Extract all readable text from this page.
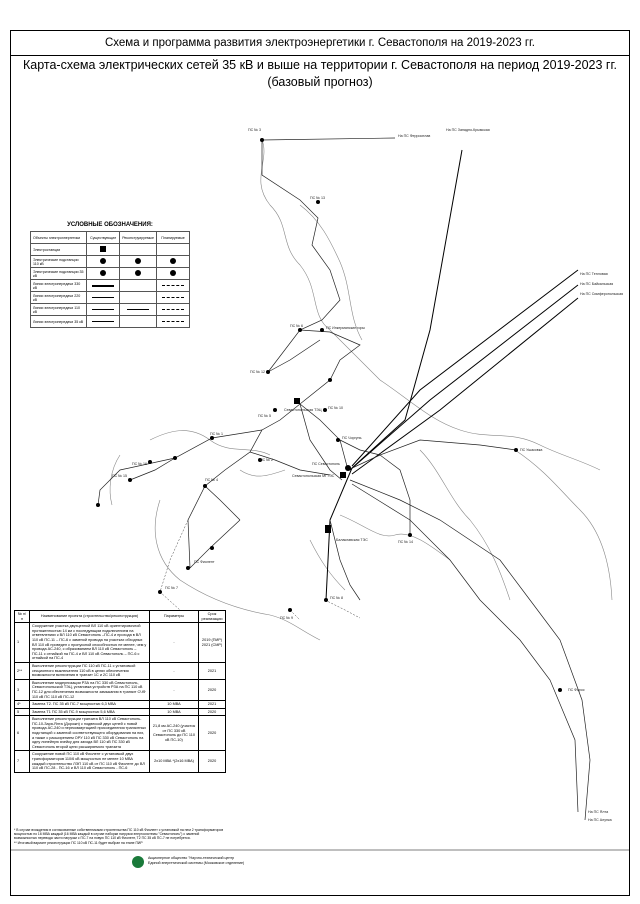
Схема и программа развития электроэнергетики г. Севастополя на 2019-2023 гг.
Карта-схема электрических сетей 35 кВ и выше на территории г. Севастополя на период 2019-2023 гг.
(базовый прогноз)
ПС № 3
На ПС Ферросплав
На ПС Западно-Крымская
ПС № 13
На ПС Тепловая
На ПС Байкальская
На ПС Симферопольская
ПС № 6	ПС Инкерманские горы
ПС № 12
Севастопольская ТЭЦ ПС № 10
ПС № 5
ПС № 2
ПС Севастополь
ПС Чоргунь
Севастопольская МГТЭС
Балаклавская ТЭС
ПС № 4
ПС Фиолент
ПС № 7
ПС № 16
ПС № 15
ПС № 1
ПС № 9
ПС № 8
ПС Форос
На ПС Ялта
На ПС Алупка
ПС № 14
ПС Ушаковка
УСЛОВНЫЕ ОБОЗНАЧЕНИЯ:
Объекты электроэнергетики	Существующие	Реконструируемые	Планируемые
Электростанции			
Электрические подстанции 110 кВ			
Электрические подстанции 35 кВ			
Линии электропередачи 330 кВ			
Линии электропередачи 220 кВ			
Линии электропередачи 110 кВ			
Линии электропередачи 35 кВ			
№ п/п	Наименование проекта (строительство/реконструкция)	Параметры	Срок реализации
1	Сооружение участка двухцепной ВЛ 110 кВ ориентировочной протяженностью 14 км с последующим подключением на ответвлениях к ВЛ 110 кВ Севастополь –ПС-4 и прохода в ВЛ 110 кВ ПС-11 – ПС-6 с заменой провода на участках обходных ВЛ 110 кВ проведен с пропускной способностью не менее, чем у провода АС-240, с образованием ВЛ 110 кВ Севастополь – ПС-11 с отпайкой на ПС-4 и ВЛ 110 кВ Севастополь – ПС-6 с отпайкой на ПС-4	-	2019 (ПИР) 2021 (СМР)
2**	Выполнение реконструкции ПС 110 кВ ПС-11 с установкой секционного выключателя 110 кВ в целях обеспечения возможности включения в транзит 1С и 2С 110 кВ	-	2021
3	Выполнение модернизации РЗА на ПС 330 кВ Севастополь, Севастопольской ТЭЦ, установка устройств РЗА на ПС 110 кВ ПС-12 для обеспечения возможности замыкания в транзит СЧФ 110 кВ ПС 110 кВ ПС-12	-	2020
4*	Замена Т2. ПС 35 кВ ПС-7 мощностью 6,3 МВА	10 МВА	2021
5	Замена Т1 ПС 35 кВ ПС-9 мощностью 5,6 МВА	10 МВА	2020
6	Выполнение реконструкции транзита ВЛ 110 кВ Севастополь-ПС-10-Заря-Ялта (Дорожн) с подвеской двух цепей с новой провода АС-240 и перекоммутацией присоединения транзитных подстанций с заменой соответствующего оборудования на них, а также с расширением ОРУ 110 кВ ПС 330 кВ Севастополь на одну линейную ячейку для захода ВЛ 110 кВ ПС 330 кВ Севастополь второй цепи расширяемого транзита	21,8 км АС-240 (участок от ПС 330 кВ Севастополь до ПС 110 кВ ПС-10)	2020
7	Сооружение новой ПС 110 кВ Фиолент с установкой двух трансформаторов 110/6 кВ мощностью не менее 10 МВА каждый строительство ЛЭП 110 кВ от ПС 110 кВ Фиолент до ВЛ 110 кВ ПС-28 - ПС-16 и ВЛ 110 кВ Севастополь - ПС-6	2х10 МВА *(2х16 МВА)	2020
* В случае вхождения в согласованные собственниками строительства ПС 110 кВ Фиолент с установкой на нем 2 трансформаторов
мощностью по 16 МВА каждый (16 МВА каждый в случае наборки нагрузки энергосистемы "Севастополь") с заменой
возможностью перевода части нагрузки с ПС-7 на новую ПС 110 кВ Фиолент, Т2 ПС 35 кВ ПС-7 не потребуется.
** Итоговый вариант реконструкции ПС 110 кВ ПС-11 будет выбран на этапе ПИР
Акционерное общество "Научно-технический центр
Единой энергетической системы (Московское отделение)
